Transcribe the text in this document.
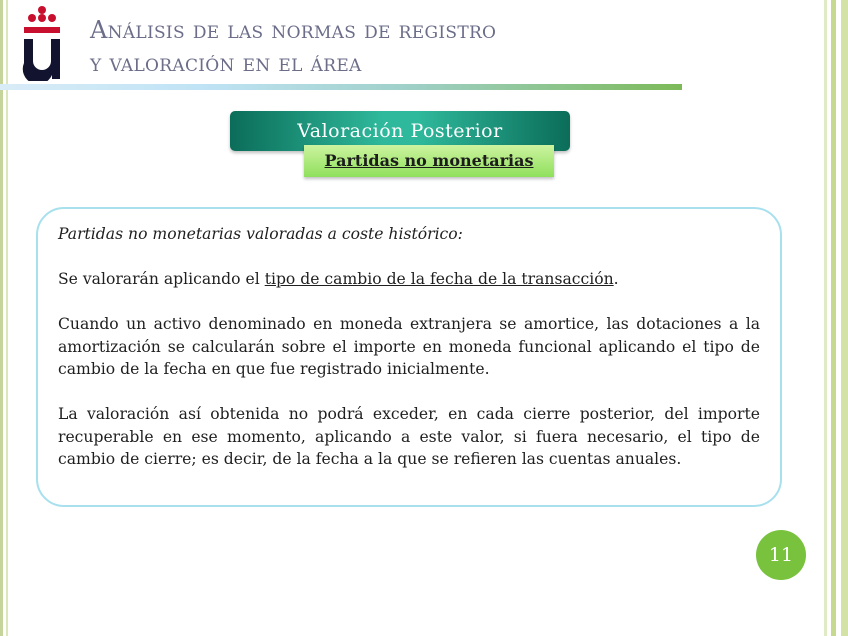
Análisis de las normas de registro
y valoración en el área
Valoración Posterior
Partidas no monetarias

Partidas no monetarias valoradas a coste histórico:

Se valorarán aplicando el tipo de cambio de la fecha de la transacción.

Cuando un activo denominado en moneda extranjera se amortice, las dotaciones a la amortización se calcularán sobre el importe en moneda funcional aplicando el tipo de cambio de la fecha en que fue registrado inicialmente.

La valoración así obtenida no podrá exceder, en cada cierre posterior, del importe recuperable en ese momento, aplicando a este valor, si fuera necesario, el tipo de cambio de cierre; es decir, de la fecha a la que se refieren las cuentas anuales.

11
